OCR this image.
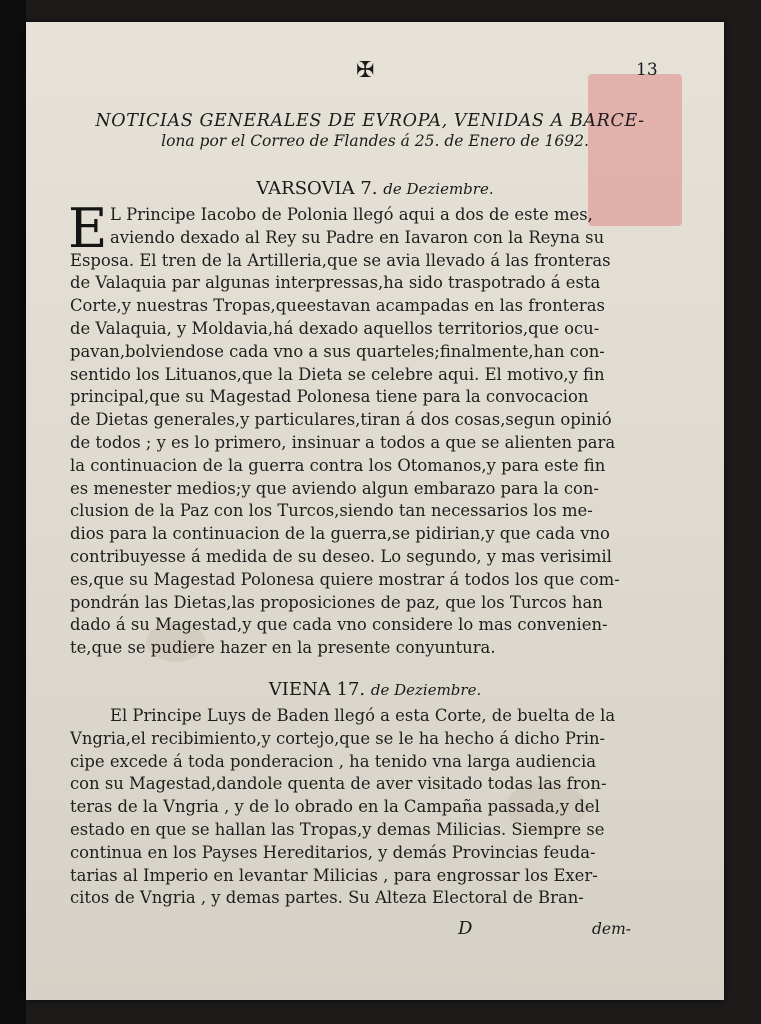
✠	13
NOTICIAS GENERALES DE EVROPA, VENIDAS A BARCE-
lona por el Correo de Flandes á 25. de Enero de 1692.
VARSOVIA 7. de Deziembre.
E L Principe Iacobo de Polonia llegó aqui a dos de este mes,
aviendo dexado al Rey su Padre en Iavaron con la Reyna su
Esposa. El tren de la Artilleria,que se avia llevado á las fronteras
de Valaquia par algunas interpressas,ha sido traspotrado á esta
Corte,y nuestras Tropas,queestavan acampadas en las fronteras
de Valaquia, y Moldavia,há dexado aquellos territorios,que ocu-
pavan,bolviendose cada vno a sus quarteles;finalmente,han con-
sentido los Lituanos,que la Dieta se celebre aqui. El motivo,y fin
principal,que su Magestad Polonesa tiene para la convocacion
de Dietas generales,y particulares,tiran á dos cosas,segun opinió
de todos ; y es lo primero, insinuar a todos a que se alienten para
la continuacion de la guerra contra los Otomanos,y para este fin
es menester medios;y que aviendo algun embarazo para la con-
clusion de la Paz con los Turcos,siendo tan necessarios los me-
dios para la continuacion de la guerra,se pidirian,y que cada vno
contribuyesse á medida de su deseo. Lo segundo, y mas verisimil
es,que su Magestad Polonesa quiere mostrar á todos los que com-
pondrán las Dietas,las proposiciones de paz, que los Turcos han
dado á su Magestad,y que cada vno considere lo mas convenien-
te,que se pudiere hazer en la presente conyuntura.
VIENA 17. de Deziembre.
El Principe Luys de Baden llegó a esta Corte, de buelta de la
Vngria,el recibimiento,y cortejo,que se le ha hecho á dicho Prin-
cipe excede á toda ponderacion , ha tenido vna larga audiencia
con su Magestad,dandole quenta de aver visitado todas las fron-
teras de la Vngria , y de lo obrado en la Campaña passada,y del
estado en que se hallan las Tropas,y demas Milicias. Siempre se
continua en los Payses Hereditarios, y demás Provincias feuda-
tarias al Imperio en levantar Milicias , para engrossar los Exer-
citos de Vngria , y demas partes. Su Alteza Electoral de Bran-
D	dem-
